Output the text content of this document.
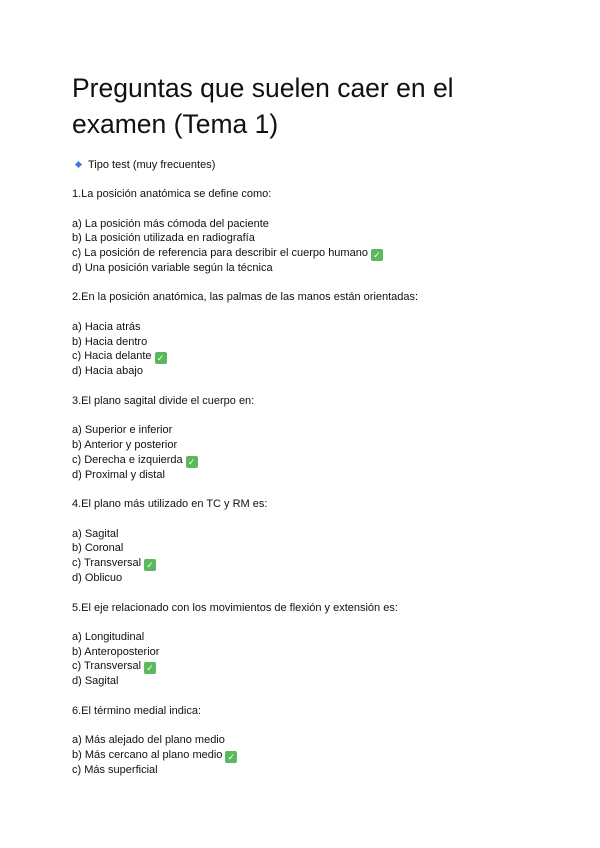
Preguntas que suelen caer en el
examen (Tema 1)
Tipo test (muy frecuentes)
1.La posición anatómica se define como:
a) La posición más cómoda del paciente
b) La posición utilizada en radiografía
c) La posición de referencia para describir el cuerpo humano ✓
d) Una posición variable según la técnica
2.En la posición anatómica, las palmas de las manos están orientadas:
a) Hacia atrás
b) Hacia dentro
c) Hacia delante ✓
d) Hacia abajo
3.El plano sagital divide el cuerpo en:
a) Superior e inferior
b) Anterior y posterior
c) Derecha e izquierda ✓
d) Proximal y distal
4.El plano más utilizado en TC y RM es:
a) Sagital
b) Coronal
c) Transversal ✓
d) Oblicuo
5.El eje relacionado con los movimientos de flexión y extensión es:
a) Longitudinal
b) Anteroposterior
c) Transversal ✓
d) Sagital
6.El término medial indica:
a) Más alejado del plano medio
b) Más cercano al plano medio ✓
c) Más superficial
